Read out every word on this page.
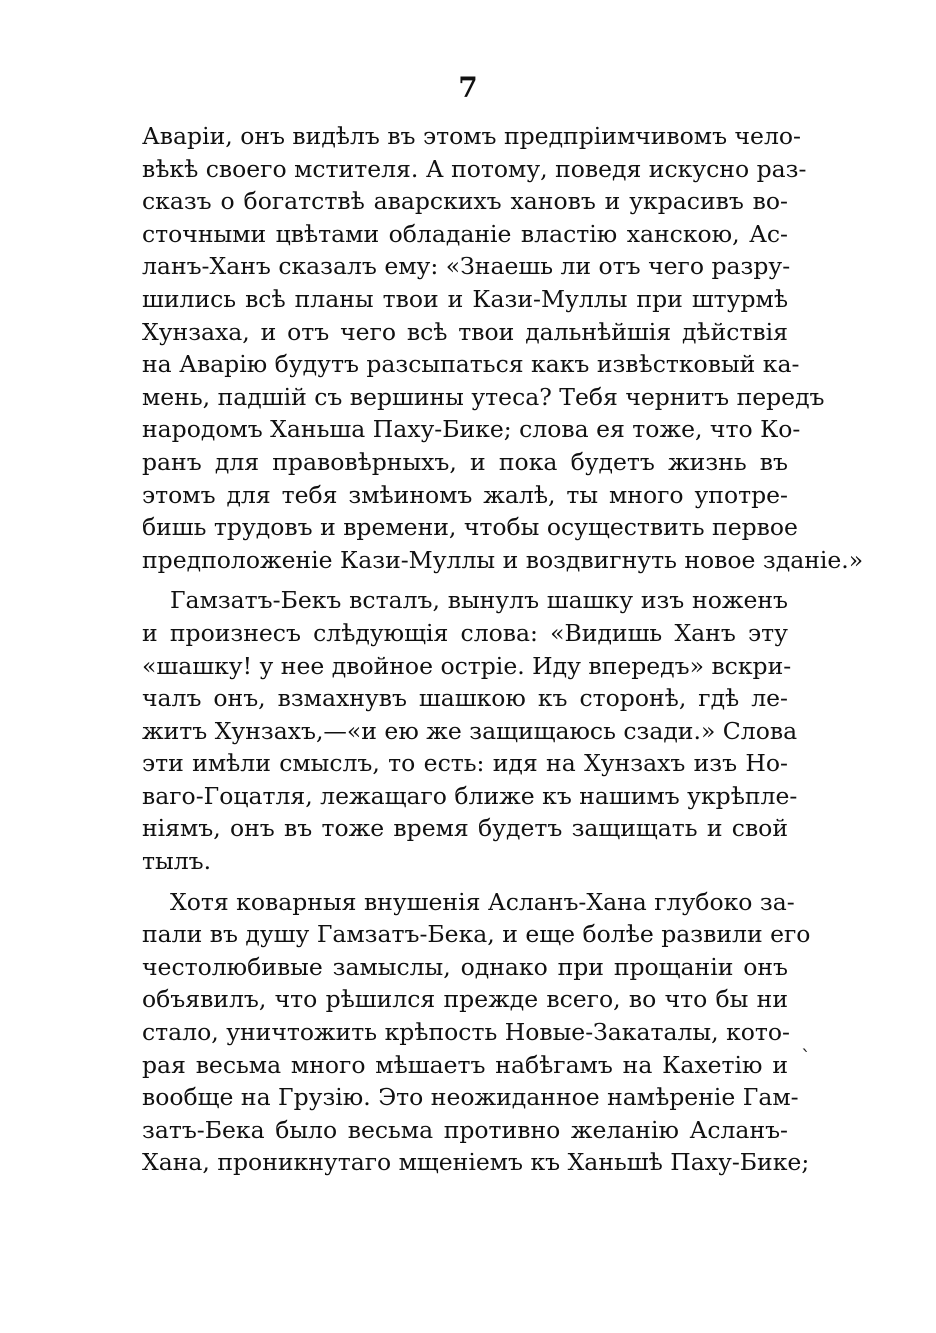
7
Аваріи, онъ видѣлъ въ этомъ предпріимчивомъ чело-
вѣкѣ своего мстителя. А потому, поведя искусно раз-
сказъ о богатствѣ аварскихъ хановъ и украсивъ во-
сточными цвѣтами обладаніе властію ханскою, Ас-
ланъ-Ханъ сказалъ ему: «Знаешь ли отъ чего разру-
шились всѣ планы твои и Кази-Муллы при штурмѣ
Хунзаха, и отъ чего всѣ твои дальнѣйшія дѣйствія
на Аварію будутъ разсыпаться какъ извѣстковый ка-
мень, падшій съ вершины утеса? Тебя чернитъ передъ
народомъ Ханьша Паху-Бике; слова ея тоже, что Ко-
ранъ для правовѣрныхъ, и пока будетъ жизнь въ
этомъ для тебя змѣиномъ жалѣ, ты много употре-
бишь трудовъ и времени, чтобы осуществить первое
предположеніе Кази-Муллы и воздвигнуть новое зданіе.»
Гамзатъ-Бекъ всталъ, вынулъ шашку изъ ноженъ
и произнесъ слѣдующія слова: «Видишь Ханъ эту
«шашку! у нее двойное остріе. Иду впередъ» вскри-
чалъ онъ, взмахнувъ шашкою къ сторонѣ, гдѣ ле-
житъ Хунзахъ,—«и ею же защищаюсь сзади.» Слова
эти имѣли смыслъ, то есть: идя на Хунзахъ изъ Но-
ваго-Гоцатля, лежащаго ближе къ нашимъ укрѣпле-
ніямъ, онъ въ тоже время будетъ защищать и свой
тылъ.
Хотя коварныя внушенія Асланъ-Хана глубоко за-
пали въ душу Гамзатъ-Бека, и еще болѣе развили его
честолюбивые замыслы, однако при прощаніи онъ
объявилъ, что рѣшился прежде всего, во что бы ни
стало, уничтожить крѣпость Новые-Закаталы, кото-
рая весьма много мѣшаетъ набѣгамъ на Кахетію и
вообще на Грузію. Это неожиданное намѣреніе Гам-
затъ-Бека было весьма противно желанію Асланъ-
Хана, проникнутаго мщеніемъ къ Ханьшѣ Паху-Бике;
`
